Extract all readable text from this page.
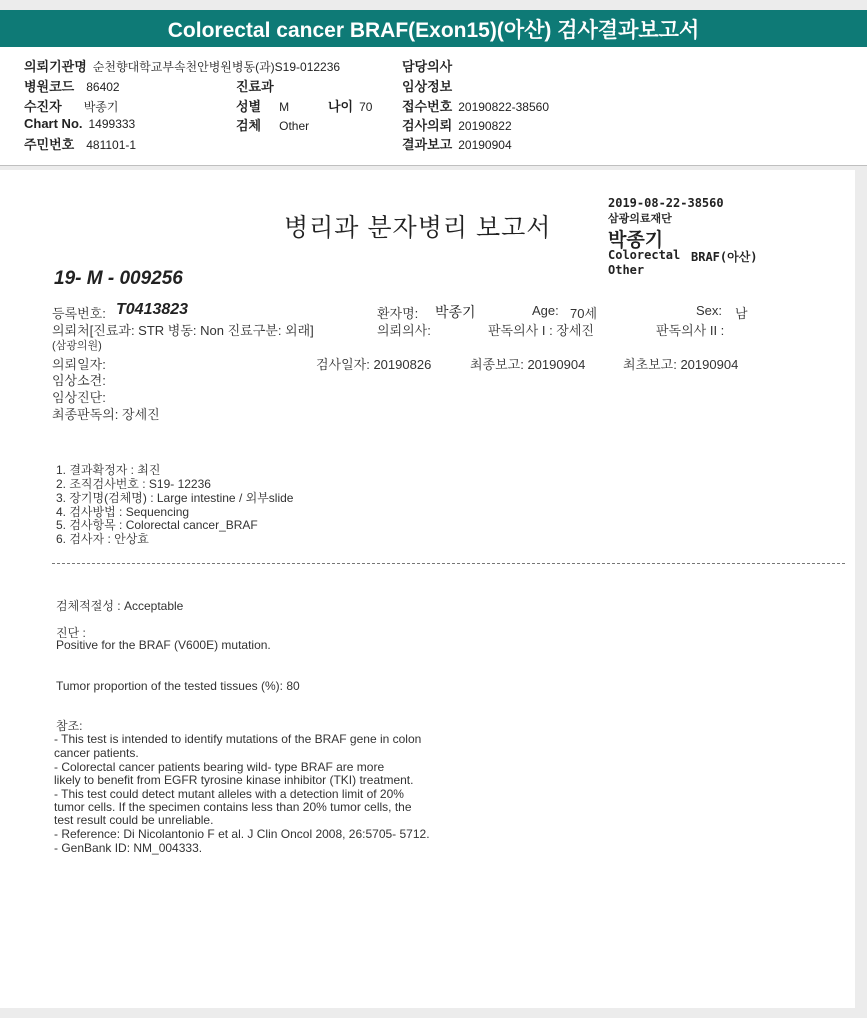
Colorectal cancer BRAF(Exon15)(아산) 검사결과보고서
의뢰기관명 순천향대학교부속천안병원병동(과)S19-012236
병원코드 86402
수진자 박종기
Chart No. 1499333
주민번호 481101-1
진료과
성별 M	나이 70
검체 Other
담당의사
임상정보
접수번호 20190822-38560
검사의뢰 20190822
결과보고 20190904
병리과 분자병리 보고서
2019-08-22-38560
삼광의료재단
박종기
Colorectal BRAF(아산)
Other
19- M - 009256
등록번호: T0413823	환자명: 박종기	Age: 70세	Sex: 남
의뢰처[진료과: STR 병동: Non 진료구분: 외래]	의뢰의사:	판독의사 I : 장세진	판독의사 II :
(삼광의원)
의뢰일자:	검사일자: 20190826	최종보고: 20190904	최초보고: 20190904
임상소견:
임상진단:
최종판독의: 장세진
1. 결과확정자 : 최진
2. 조직검사번호 : S19- 12236
3. 장기명(검체명) : Large intestine / 외부slide
4. 검사방법 : Sequencing
5. 검사항목 : Colorectal cancer_BRAF
6. 검사자 : 안상효
검체적절성 : Acceptable
진단 :
Positive for the BRAF (V600E) mutation.
Tumor proportion of the tested tissues (%): 80
참조:
- This test is intended to identify mutations of the BRAF gene in colon
cancer patients.
- Colorectal cancer patients bearing wild- type BRAF are more
likely to benefit from EGFR tyrosine kinase inhibitor (TKI) treatment.
- This test could detect mutant alleles with a detection limit of 20%
tumor cells. If the specimen contains less than 20% tumor cells, the
test result could be unreliable.
- Reference: Di Nicolantonio F et al. J Clin Oncol 2008, 26:5705- 5712.
- GenBank ID: NM_004333.
